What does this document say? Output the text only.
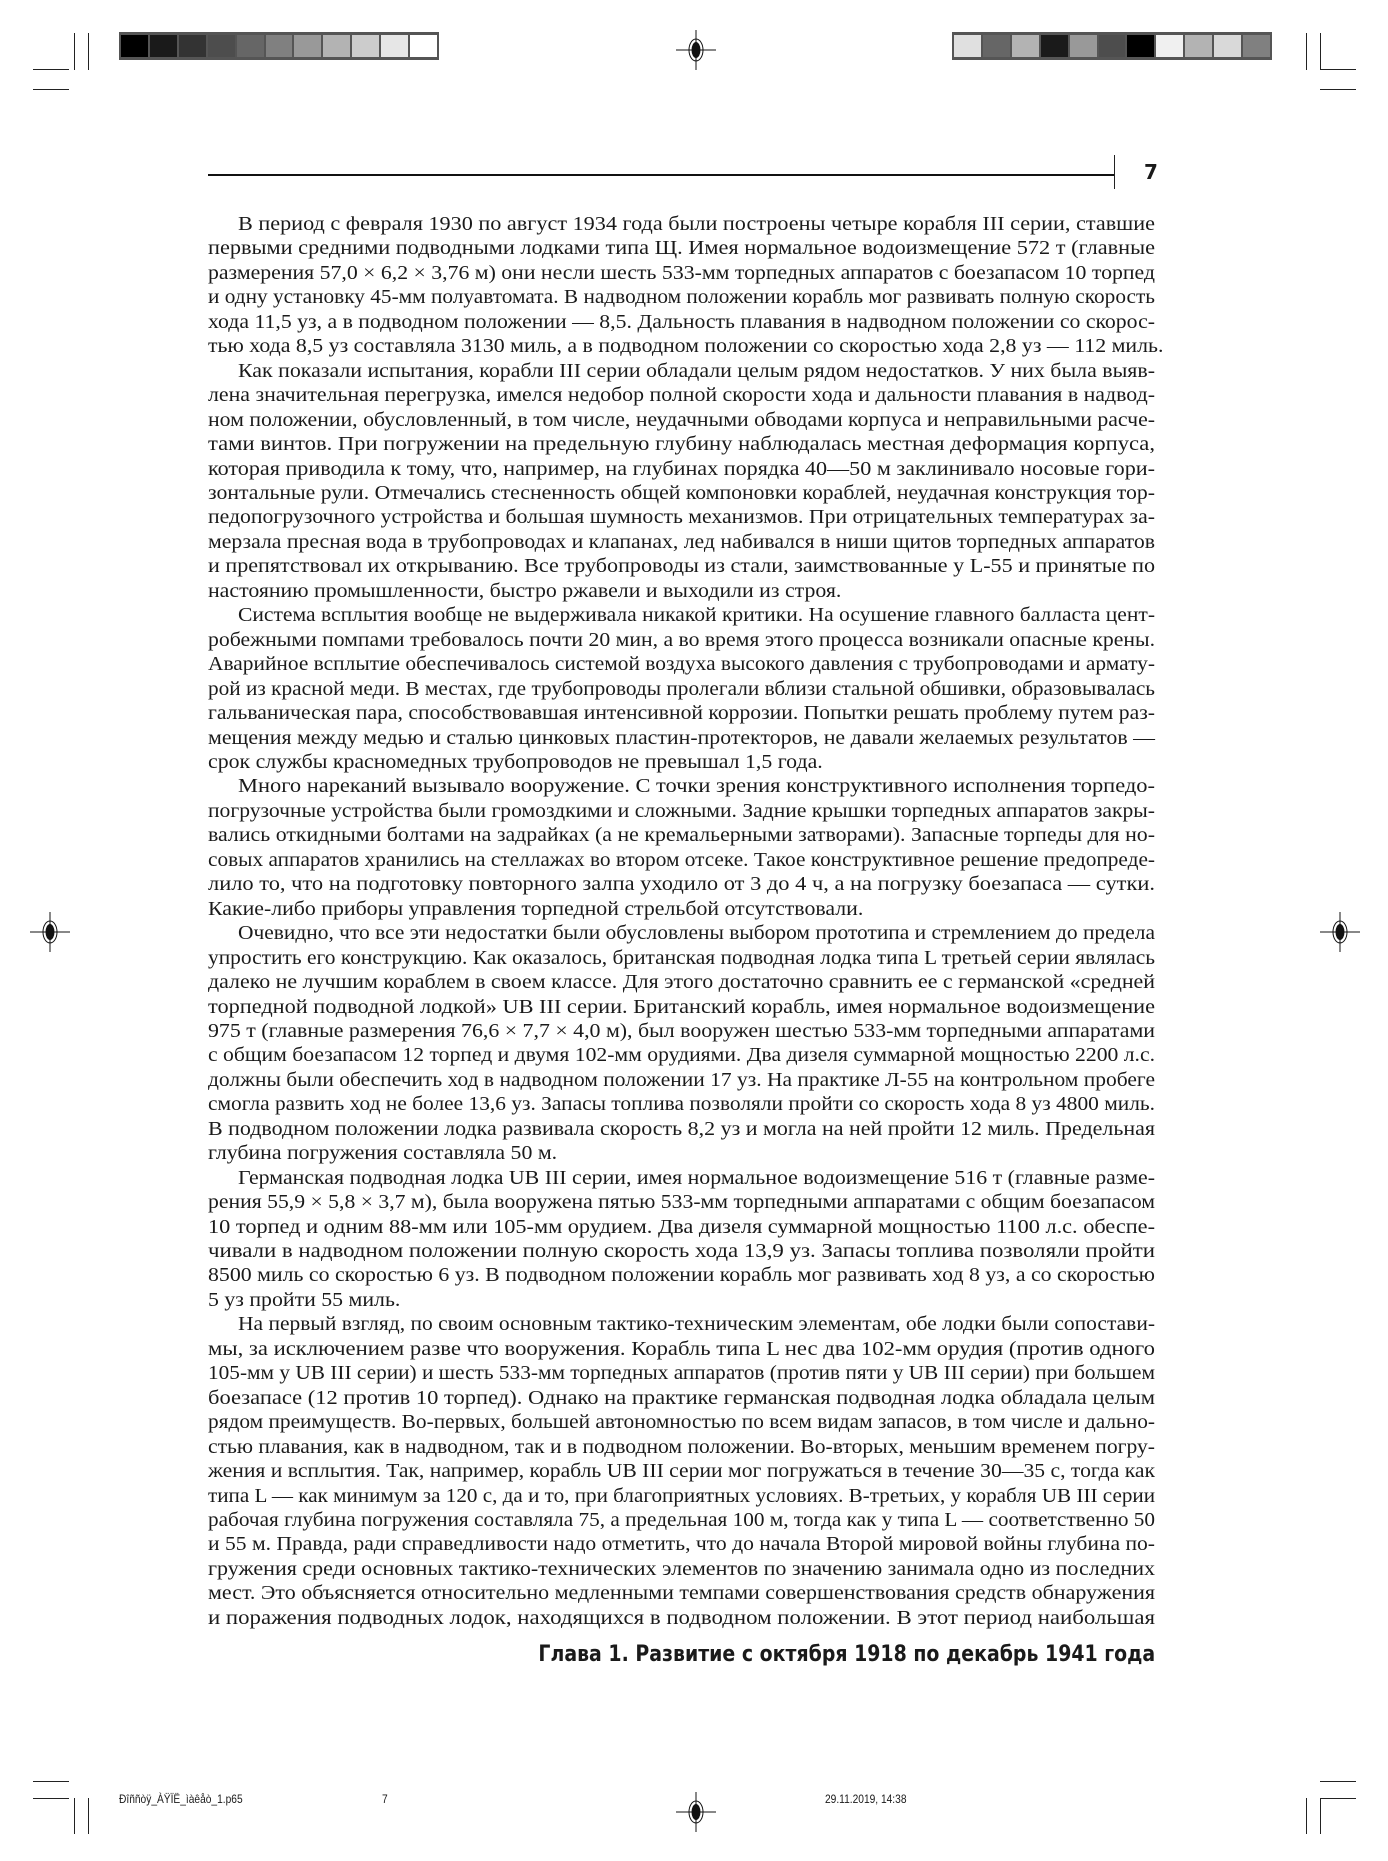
7
В период с февраля 1930 по август 1934 года были построены четыре корабля III серии, ставшие
первыми средними подводными лодками типа Щ. Имея нормальное водоизмещение 572 т (главные
размерения 57,0 × 6,2 × 3,76 м) они несли шесть 533-мм торпедных аппаратов с боезапасом 10 торпед
и одну установку 45-мм полуавтомата. В надводном положении корабль мог развивать полную скорость
хода 11,5 уз, а в подводном положении — 8,5. Дальность плавания в надводном положении со скорос-
тью хода 8,5 уз составляла 3130 миль, а в подводном положении со скоростью хода 2,8 уз — 112 миль.
Как показали испытания, корабли III серии обладали целым рядом недостатков. У них была выяв-
лена значительная перегрузка, имелся недобор полной скорости хода и дальности плавания в надвод-
ном положении, обусловленный, в том числе, неудачными обводами корпуса и неправильными расче-
тами винтов. При погружении на предельную глубину наблюдалась местная деформация корпуса,
которая приводила к тому, что, например, на глубинах порядка 40—50 м заклинивало носовые гори-
зонтальные рули. Отмечались стесненность общей компоновки кораблей, неудачная конструкция тор-
педопогрузочного устройства и большая шумность механизмов. При отрицательных температурах за-
мерзала пресная вода в трубопроводах и клапанах, лед набивался в ниши щитов торпедных аппаратов
и препятствовал их открыванию. Все трубопроводы из стали, заимствованные у L-55 и принятые по
настоянию промышленности, быстро ржавели и выходили из строя.
Система всплытия вообще не выдерживала никакой критики. На осушение главного балласта цент-
робежными помпами требовалось почти 20 мин, а во время этого процесса возникали опасные крены.
Аварийное всплытие обеспечивалось системой воздуха высокого давления с трубопроводами и армату-
рой из красной меди. В местах, где трубопроводы пролегали вблизи стальной обшивки, образовывалась
гальваническая пара, способствовавшая интенсивной коррозии. Попытки решать проблему путем раз-
мещения между медью и сталью цинковых пластин-протекторов, не давали желаемых результатов —
срок службы красномедных трубопроводов не превышал 1,5 года.
Много нареканий вызывало вооружение. С точки зрения конструктивного исполнения торпедо-
погрузочные устройства были громоздкими и сложными. Задние крышки торпедных аппаратов закры-
вались откидными болтами на задрайках (а не кремальерными затворами). Запасные торпеды для но-
совых аппаратов хранились на стеллажах во втором отсеке. Такое конструктивное решение предопреде-
лило то, что на подготовку повторного залпа уходило от 3 до 4 ч, а на погрузку боезапаса — сутки.
Какие-либо приборы управления торпедной стрельбой отсутствовали.
Очевидно, что все эти недостатки были обусловлены выбором прототипа и стремлением до предела
упростить его конструкцию. Как оказалось, британская подводная лодка типа L третьей серии являлась
далеко не лучшим кораблем в своем классе. Для этого достаточно сравнить ее с германской «средней
торпедной подводной лодкой» UB III серии. Британский корабль, имея нормальное водоизмещение
975 т (главные размерения 76,6 × 7,7 × 4,0 м), был вооружен шестью 533-мм торпедными аппаратами
с общим боезапасом 12 торпед и двумя 102-мм орудиями. Два дизеля суммарной мощностью 2200 л.с.
должны были обеспечить ход в надводном положении 17 уз. На практике Л-55 на контрольном пробеге
смогла развить ход не более 13,6 уз. Запасы топлива позволяли пройти со скорость хода 8 уз 4800 миль.
В подводном положении лодка развивала скорость 8,2 уз и могла на ней пройти 12 миль. Предельная
глубина погружения составляла 50 м.
Германская подводная лодка UB III серии, имея нормальное водоизмещение 516 т (главные разме-
рения 55,9 × 5,8 × 3,7 м), была вооружена пятью 533-мм торпедными аппаратами с общим боезапасом
10 торпед и одним 88-мм или 105-мм орудием. Два дизеля суммарной мощностью 1100 л.с. обеспе-
чивали в надводном положении полную скорость хода 13,9 уз. Запасы топлива позволяли пройти
8500 миль со скоростью 6 уз. В подводном положении корабль мог развивать ход 8 уз, а со скоростью
5 уз пройти 55 миль.
На первый взгляд, по своим основным тактико-техническим элементам, обе лодки были сопостави-
мы, за исключением разве что вооружения. Корабль типа L нес два 102-мм орудия (против одного
105-мм у UB III серии) и шесть 533-мм торпедных аппаратов (против пяти у UB III серии) при большем
боезапасе (12 против 10 торпед). Однако на практике германская подводная лодка обладала целым
рядом преимуществ. Во-первых, большей автономностью по всем видам запасов, в том числе и дально-
стью плавания, как в надводном, так и в подводном положении. Во-вторых, меньшим временем погру-
жения и всплытия. Так, например, корабль UB III серии мог погружаться в течение 30—35 с, тогда как
типа L — как минимум за 120 с, да и то, при благоприятных условиях. В-третьих, у корабля UB III серии
рабочая глубина погружения составляла 75, а предельная 100 м, тогда как у типа L — соответственно 50
и 55 м. Правда, ради справедливости надо отметить, что до начала Второй мировой войны глубина по-
гружения среди основных тактико-технических элементов по значению занимала одно из последних
мест. Это объясняется относительно медленными темпами совершенствования средств обнаружения
и поражения подводных лодок, находящихся в подводном положении. В этот период наибольшая
Глава 1. Развитие с октября 1918 по декабрь 1941 года
Ðîññòÿ_ÀŸÏË_ìàêåò_1.p65	7	29.11.2019, 14:38
